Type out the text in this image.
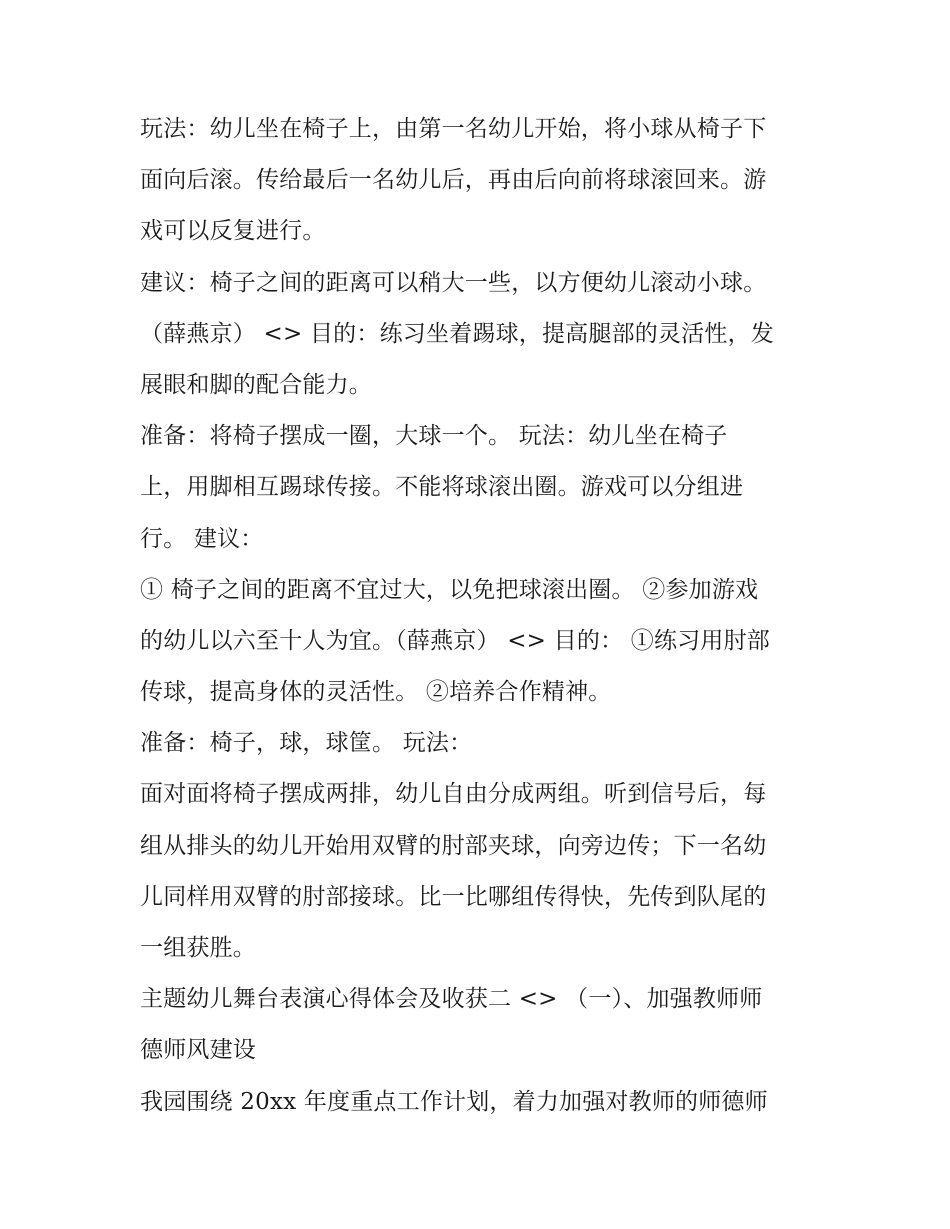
玩法：幼儿坐在椅子上，由第一名幼儿开始，将小球从椅子下
面向后滚。传给最后一名幼儿后，再由后向前将球滚回来。游
戏可以反复进行。
建议：椅子之间的距离可以稍大一些，以方便幼儿滚动小球。
（薛燕京） <> 目的：练习坐着踢球，提高腿部的灵活性，发
展眼和脚的配合能力。
准备：将椅子摆成一圈，大球一个。 玩法：幼儿坐在椅子
上，用脚相互踢球传接。不能将球滚出圈。游戏可以分组进
行。 建议：
① 椅子之间的距离不宜过大，以免把球滚出圈。 ②参加游戏
的幼儿以六至十人为宜。（薛燕京） <> 目的： ①练习用肘部
传球，提高身体的灵活性。 ②培养合作精神。
准备：椅子，球，球筐。 玩法：
面对面将椅子摆成两排，幼儿自由分成两组。听到信号后，每
组从排头的幼儿开始用双臂的肘部夹球，向旁边传；下一名幼
儿同样用双臂的肘部接球。比一比哪组传得快，先传到队尾的
一组获胜。
主题幼儿舞台表演心得体会及收获二 <> （一）、加强教师师
德师风建设
我园围绕 20xx 年度重点工作计划，着力加强对教师的师德师
